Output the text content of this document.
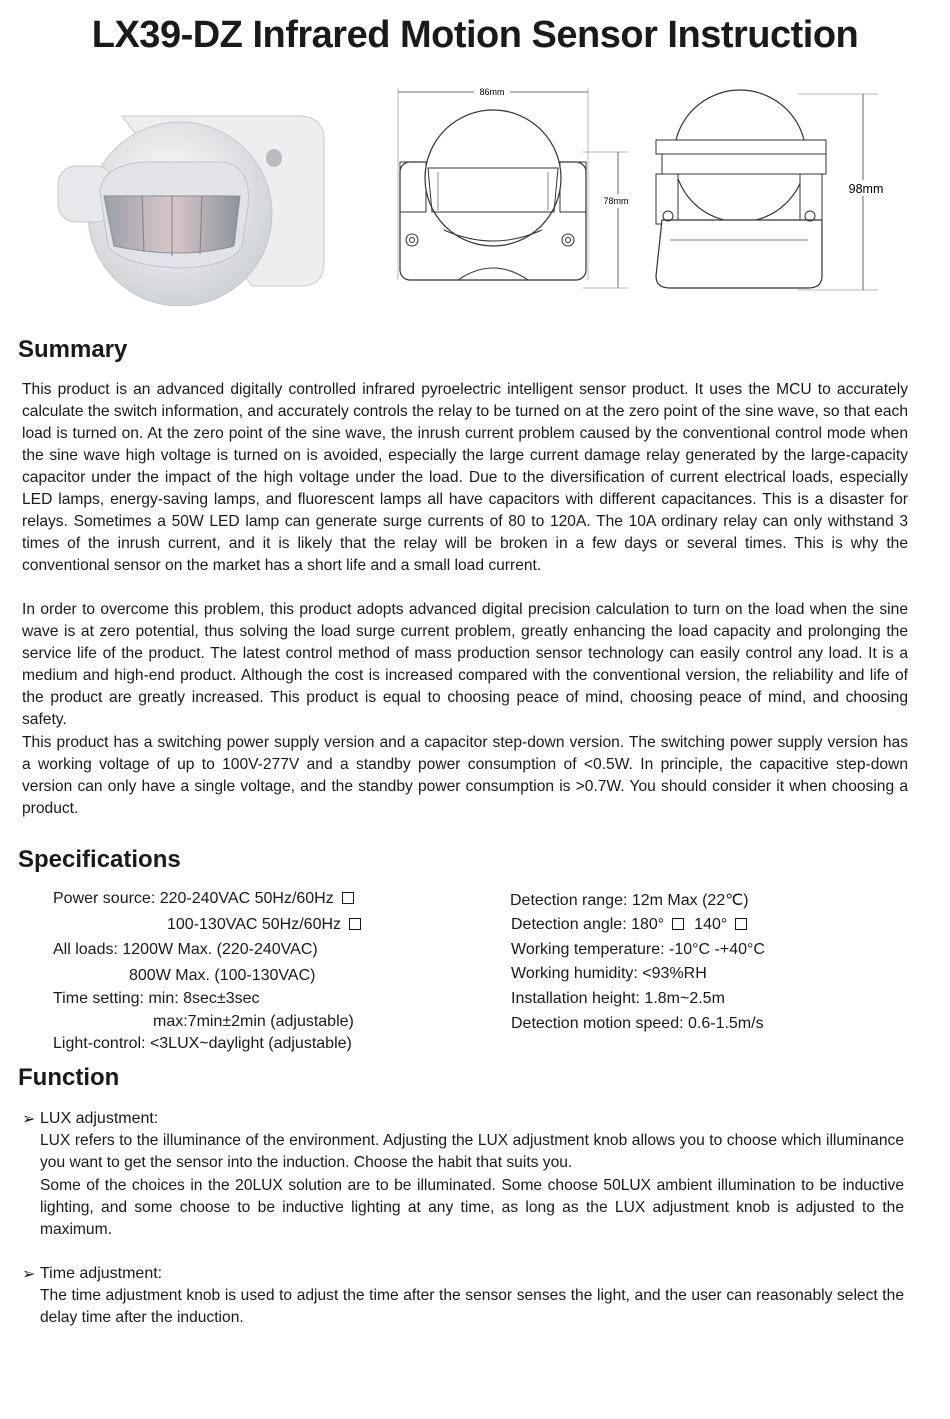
LX39-DZ Infrared Motion Sensor Instruction
86mm
78mm
98mm
Summary

This product is an advanced digitally controlled infrared pyroelectric intelligent sensor product. It uses the MCU to accurately calculate the switch information, and accurately controls the relay to be turned on at the zero point of the sine wave, so that each load is turned on. At the zero point of the sine wave, the inrush current problem caused by the conventional control mode when the sine wave high voltage is turned on is avoided, especially the large current damage relay generated by the large-capacity capacitor under the impact of the high voltage under the load. Due to the diversification of current electrical loads, especially LED lamps, energy-saving lamps, and fluorescent lamps all have capacitors with different capacitances. This is a disaster for relays. Sometimes a 50W LED lamp can generate surge currents of 80 to 120A. The 10A ordinary relay can only withstand 3 times of the inrush current, and it is likely that the relay will be broken in a few days or several times. This is why the conventional sensor on the market has a short life and a small load current.

In order to overcome this problem, this product adopts advanced digital precision calculation to turn on the load when the sine wave is at zero potential, thus solving the load surge current problem, greatly enhancing the load capacity and prolonging the service life of the product. The latest control method of mass production sensor technology can easily control any load. It is a medium and high-end product. Although the cost is increased compared with the conventional version, the reliability and life of the product are greatly increased. This product is equal to choosing peace of mind, choosing peace of mind, and choosing safety.

This product has a switching power supply version and a capacitor step-down version. The switching power supply version has a working voltage of up to 100V-277V and a standby power consumption of <0.5W. In principle, the capacitive step-down version can only have a single voltage, and the standby power consumption is >0.7W. You should consider it when choosing a product.

Specifications
Power source: 220-240VAC 50Hz/60Hz
100-130VAC 50Hz/60Hz
All loads: 1200W Max. (220-240VAC)
800W Max. (100-130VAC)
Time setting: min: 8sec±3sec
max:7min±2min (adjustable)
Light-control: <3LUX~daylight (adjustable)
Detection range: 12m Max (22℃)
Detection angle: 180° 140°
Working temperature: -10°C -+40°C
Working humidity: <93%RH
Installation height: 1.8m~2.5m
Detection motion speed: 0.6-1.5m/s
Function
➢ LUX adjustment:

LUX refers to the illuminance of the environment. Adjusting the LUX adjustment knob allows you to choose which illuminance you want to get the sensor into the induction. Choose the habit that suits you.

Some of the choices in the 20LUX solution are to be illuminated. Some choose 50LUX ambient illumination to be inductive lighting, and some choose to be inductive lighting at any time, as long as the LUX adjustment knob is adjusted to the maximum.

➢ Time adjustment:

The time adjustment knob is used to adjust the time after the sensor senses the light, and the user can reasonably select the delay time after the induction.
